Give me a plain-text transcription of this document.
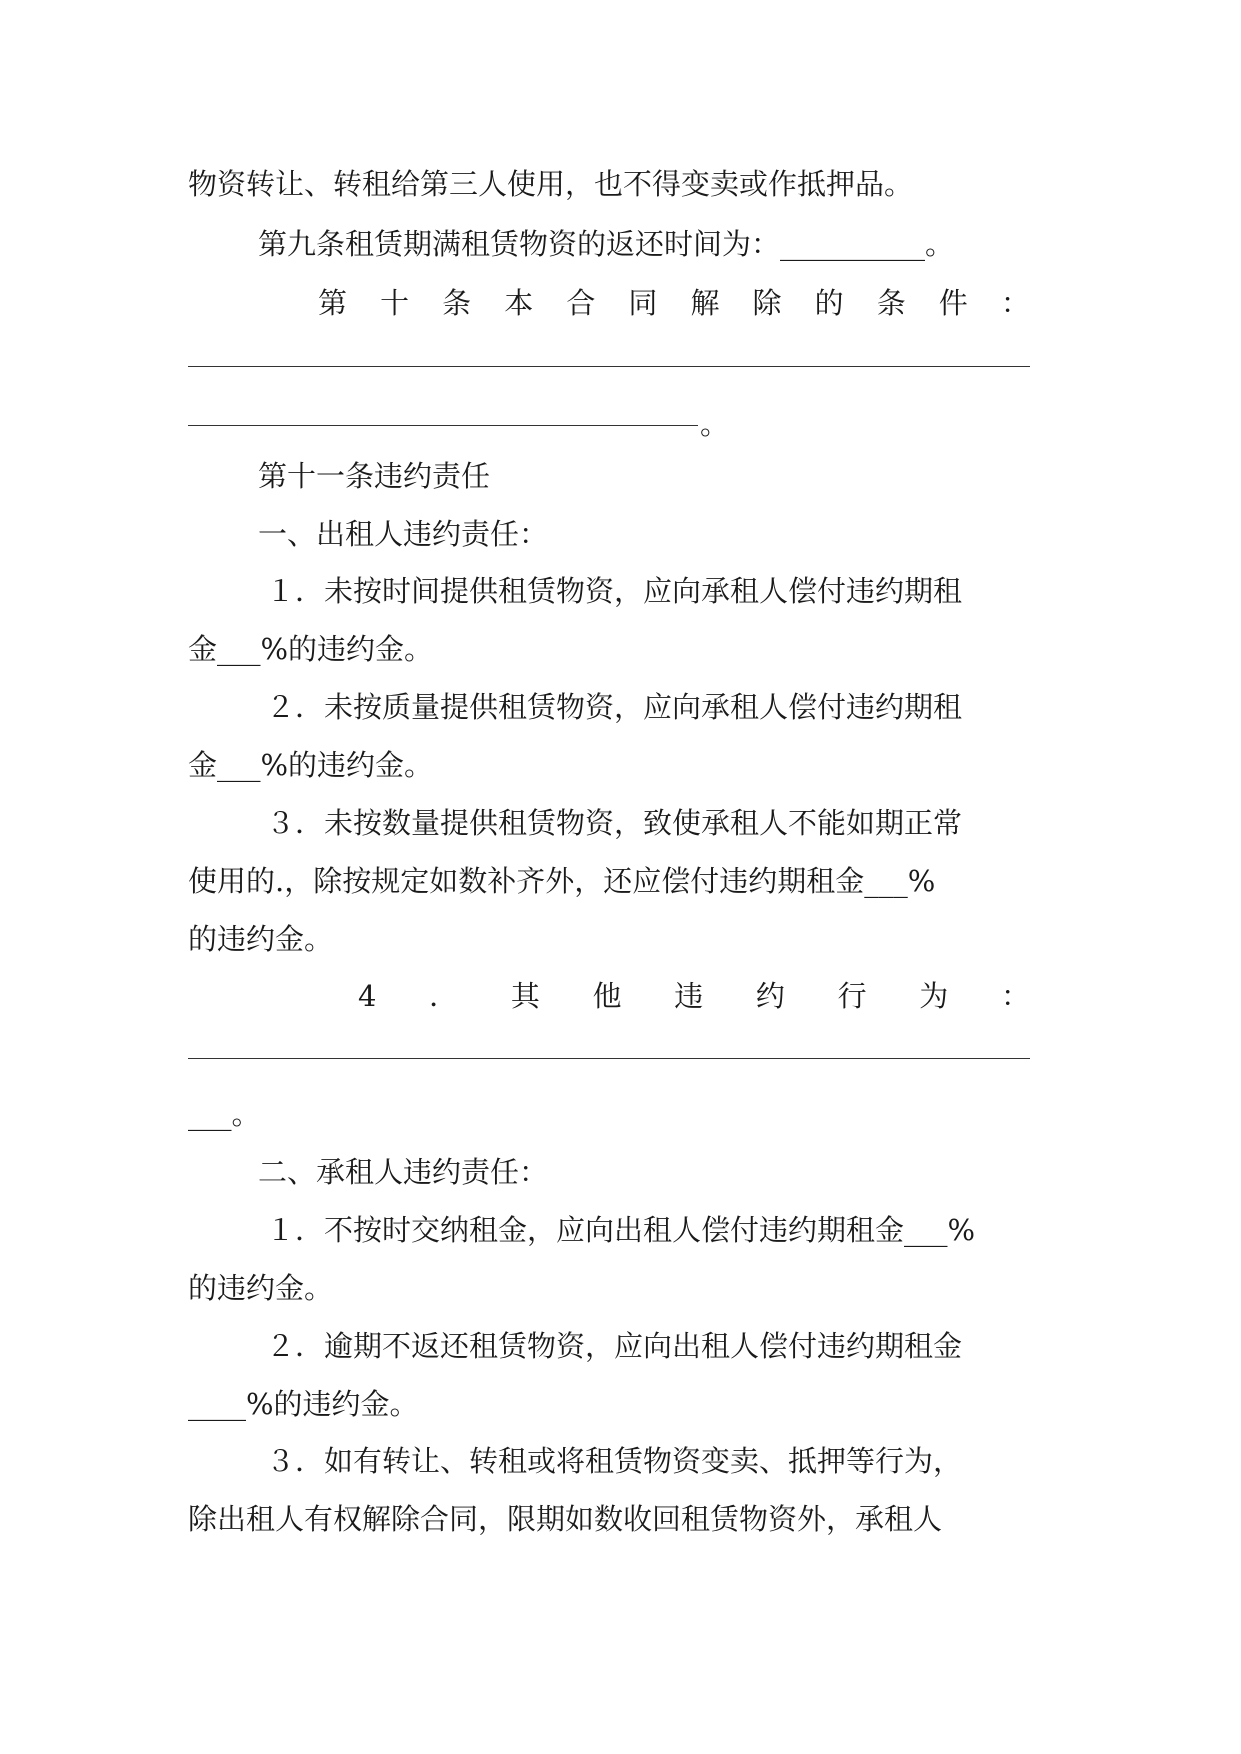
物资转让、转租给第三人使用，也不得变卖或作抵押品。
第九条租赁期满租赁物资的返还时间为：__________。
第 十 条 本 合 同 解 除 的 条 件 ：
。
第十一条违约责任
一、出租人违约责任：
１．未按时间提供租赁物资，应向承租人偿付违约期租
金___%的违约金。
２．未按质量提供租赁物资，应向承租人偿付违约期租
金___%的违约金。
３．未按数量提供租赁物资，致使承租人不能如期正常
使用的.，除按规定如数补齐外，还应偿付违约期租金___%
的违约金。
4 ． 其 他 违 约 行 为 ：
___。
二、承租人违约责任：
１．不按时交纳租金，应向出租人偿付违约期租金___%
的违约金。
２．逾期不返还租赁物资，应向出租人偿付违约期租金
____%的违约金。
３．如有转让、转租或将租赁物资变卖、抵押等行为，
除出租人有权解除合同，限期如数收回租赁物资外，承租人
